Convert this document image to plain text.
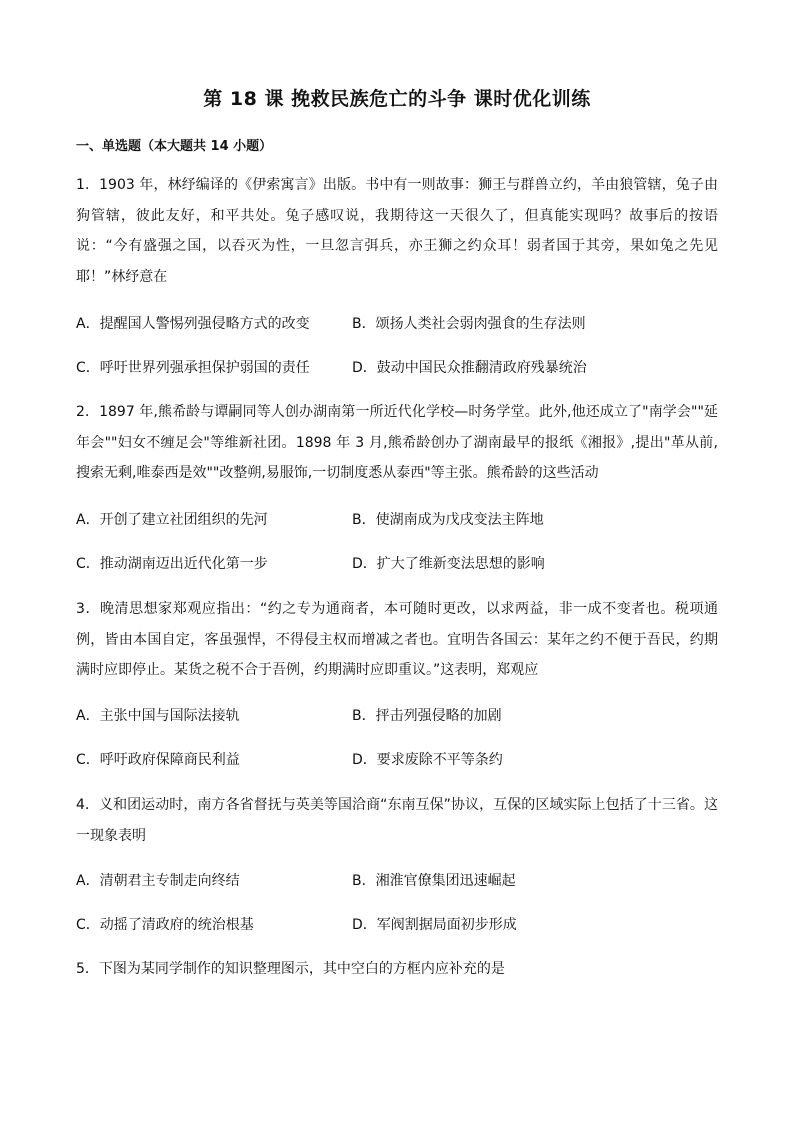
第 18 课 挽救民族危亡的斗争 课时优化训练
一、单选题（本大题共 14 小题）
1．1903 年，林纾编译的《伊索寓言》出版。书中有一则故事：狮王与群兽立约，羊由狼管辖，兔子由狗管辖，彼此友好，和平共处。兔子感叹说，我期待这一天很久了，但真能实现吗？故事后的按语说：“今有盛强之国，以吞灭为性，一旦忽言弭兵，亦王狮之约众耳！弱者国于其旁，果如兔之先见耶！”林纾意在
A．提醒国人警惕列强侵略方式的改变	B．颂扬人类社会弱肉强食的生存法则
C．呼吁世界列强承担保护弱国的责任	D．鼓动中国民众推翻清政府残暴统治
2．1897 年,熊希龄与谭嗣同等人创办湖南第一所近代化学校—时务学堂。此外,他还成立了"南学会""延年会""妇女不缠足会"等维新社团。1898 年 3 月,熊希龄创办了湖南最早的报纸《湘报》,提出"革从前,搜索无剩,唯泰西是效""改整朔,易服饰,一切制度悉从泰西"等主张。熊希龄的这些活动
A．开创了建立社团组织的先河	B．使湖南成为戊戌变法主阵地
C．推动湖南迈出近代化第一步	D．扩大了维新变法思想的影响
3．晚清思想家郑观应指出：“约之专为通商者，本可随时更改，以求两益，非一成不变者也。税项通例，皆由本国自定，客虽强悍，不得侵主权而增减之者也。宜明告各国云：某年之约不便于吾民，约期满时应即停止。某货之税不合于吾例，约期满时应即重议。”这表明，郑观应
A．主张中国与国际法接轨	B．抨击列强侵略的加剧
C．呼吁政府保障商民利益	D．要求废除不平等条约
4．义和团运动时，南方各省督抚与英美等国洽商“东南互保”协议，互保的区域实际上包括了十三省。这一现象表明
A．清朝君主专制走向终结	B．湘淮官僚集团迅速崛起
C．动摇了清政府的统治根基	D．军阀割据局面初步形成
5．下图为某同学制作的知识整理图示，其中空白的方框内应补充的是
